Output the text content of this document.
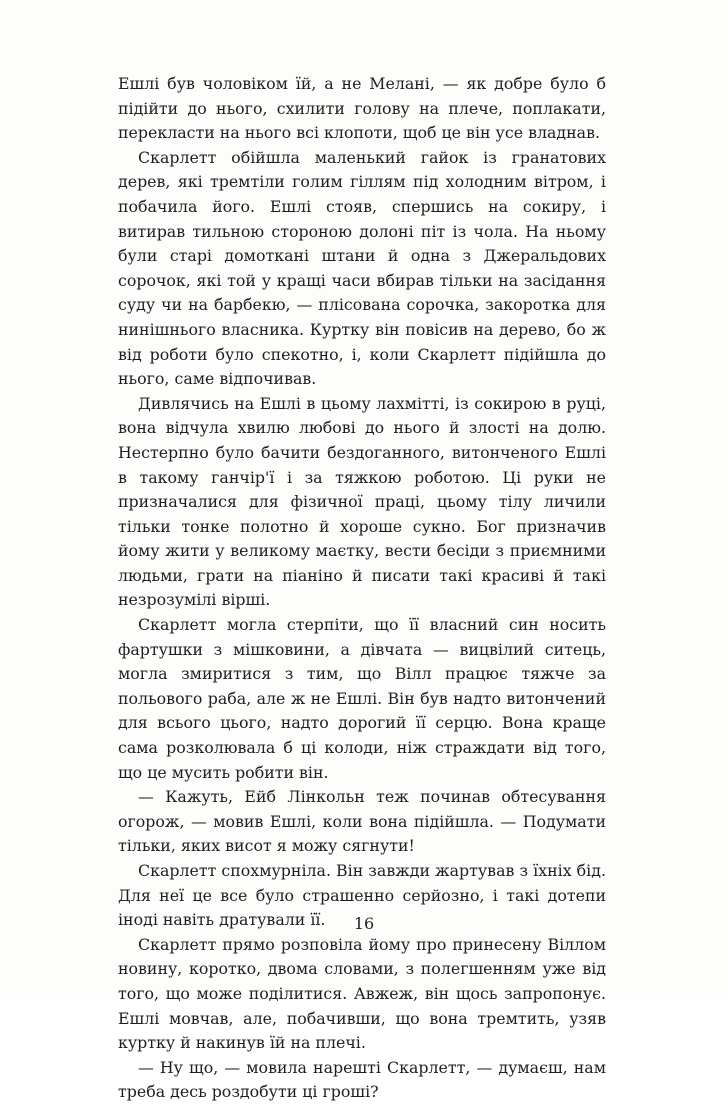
Ешлі був чоловіком їй, а не Мелані, — як добре було б підійти до нього, схилити голову на плече, поплакати, перекласти на нього всі клопоти, щоб це він усе владнав.

Скарлетт обійшла маленький гайок із гранатових дерев, які тремтіли голим гіллям під холодним вітром, і побачила його. Ешлі стояв, спершись на сокиру, і витирав тильною стороною долоні піт із чола. На ньому були старі домоткані штани й одна з Джеральдових сорочок, які той у кращі часи вбирав тільки на засідання суду чи на барбекю, — плісована сорочка, закоротка для нинішнього власника. Куртку він повісив на дерево, бо ж від роботи було спекотно, і, коли Скарлетт підійшла до нього, саме відпочивав.

Дивлячись на Ешлі в цьому лахмітті, із сокирою в руці, вона відчула хвилю любові до нього й злості на долю. Нестерпно було бачити бездоганного, витонченого Ешлі в такому ганчір'ї і за тяжкою роботою. Ці руки не призначалися для фізичної праці, цьому тілу личили тільки тонке полотно й хороше сукно. Бог призначив йому жити у великому маєтку, вести бесіди з приємними людьми, грати на піаніно й писати такі красиві й такі незрозумілі вірші.

Скарлетт могла стерпіти, що її власний син носить фартушки з мішковини, а дівчата — вицвілий ситець, могла змиритися з тим, що Вілл працює тяжче за польового раба, але ж не Ешлі. Він був надто витончений для всього цього, надто дорогий її серцю. Вона краще сама розколювала б ці колоди, ніж страждати від того, що це мусить робити він.

— Кажуть, Ейб Лінкольн теж починав обтесування огорож, — мовив Ешлі, коли вона підійшла. — Подумати тільки, яких висот я можу сягнути!

Скарлетт спохмурніла. Він завжди жартував з їхніх бід. Для неї це все було страшенно серйозно, і такі дотепи іноді навіть дратували її.

Скарлетт прямо розповіла йому про принесену Віллом новину, коротко, двома словами, з полегшенням уже від того, що може поділитися. Авжеж, він щось запропонує. Ешлі мовчав, але, побачивши, що вона тремтить, узяв куртку й накинув їй на плечі.

— Ну що, — мовила нарешті Скарлетт, — думаєш, нам треба десь роздобути ці гроші?

16
